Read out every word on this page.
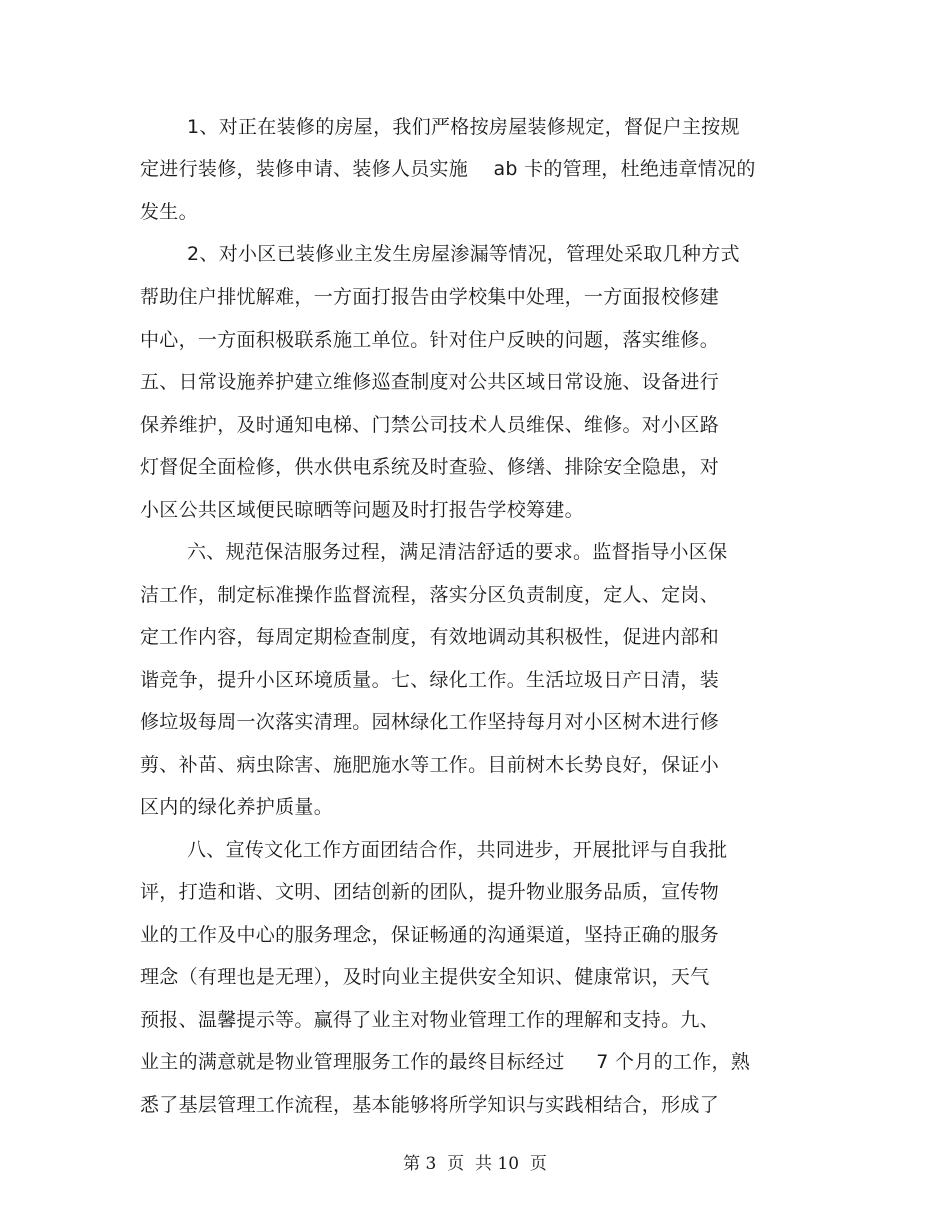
1、对正在装修的房屋，我们严格按房屋装修规定，督促户主按规
定进行装修，装修申请、装修人员实施    ab 卡的管理，杜绝违章情况的
发生。
2、对小区已装修业主发生房屋渗漏等情况，管理处采取几种方式
帮助住户排忧解难，一方面打报告由学校集中处理，一方面报校修建
中心，一方面积极联系施工单位。针对住户反映的问题，落实维修。
五、日常设施养护建立维修巡查制度对公共区域日常设施、设备进行
保养维护，及时通知电梯、门禁公司技术人员维保、维修。对小区路
灯督促全面检修，供水供电系统及时查验、修缮、排除安全隐患，对
小区公共区域便民晾晒等问题及时打报告学校筹建。
六、规范保洁服务过程，满足清洁舒适的要求。监督指导小区保
洁工作，制定标准操作监督流程，落实分区负责制度，定人、定岗、
定工作内容，每周定期检查制度，有效地调动其积极性，促进内部和
谐竞争，提升小区环境质量。七、绿化工作。生活垃圾日产日清，装
修垃圾每周一次落实清理。园林绿化工作坚持每月对小区树木进行修
剪、补苗、病虫除害、施肥施水等工作。目前树木长势良好，保证小
区内的绿化养护质量。
八、宣传文化工作方面团结合作，共同进步，开展批评与自我批
评，打造和谐、文明、团结创新的团队，提升物业服务品质，宣传物
业的工作及中心的服务理念，保证畅通的沟通渠道，坚持正确的服务
理念（有理也是无理），及时向业主提供安全知识、健康常识，天气
预报、温馨提示等。赢得了业主对物业管理工作的理解和支持。九、
业主的满意就是物业管理服务工作的最终目标经过     7 个月的工作，熟
悉了基层管理工作流程，基本能够将所学知识与实践相结合，形成了
第 3  页  共 10  页
